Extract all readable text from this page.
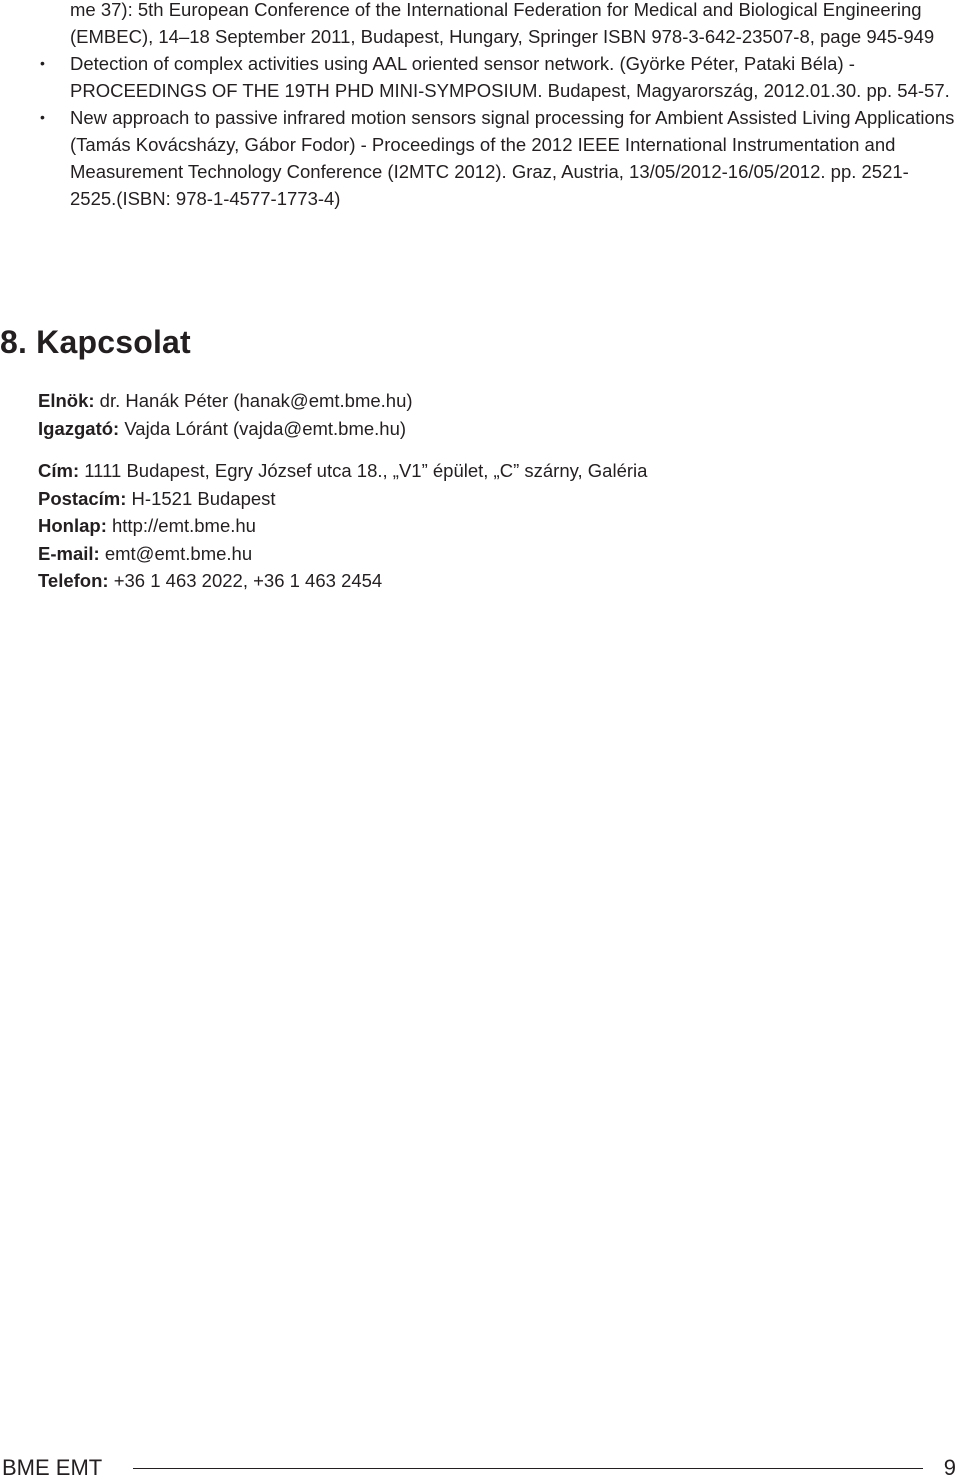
me 37): 5th European Conference of the International Federation for Medical and Biological Engineering (EMBEC), 14–18 September 2011, Budapest, Hungary, Springer ISBN 978-3-642-23507-8, page 945-949
•	Detection of complex activities using AAL oriented sensor network. (Györke Péter, Pataki Béla) - PROCEEDINGS OF THE 19TH PHD MINI-SYMPOSIUM. Budapest, Magyarország, 2012.01.30. pp. 54-57.
•	New approach to passive infrared motion sensors signal processing for Ambient Assisted Living Applications (Tamás Kovácsházy, Gábor Fodor) - Proceedings of the 2012 IEEE International Instrumentation and Measurement Technology Conference (I2MTC 2012). Graz, Austria, 13/05/2012-16/05/2012. pp. 2521-2525.(ISBN: 978-1-4577-1773-4)
8. Kapcsolat
Elnök: dr. Hanák Péter (hanak@emt.bme.hu)
Igazgató: Vajda Lóránt (vajda@emt.bme.hu)
Cím: 1111 Budapest, Egry József utca 18., „V1” épület, „C” szárny, Galéria
Postacím: H-1521 Budapest
Honlap: http://emt.bme.hu
E-mail: emt@emt.bme.hu
Telefon: +36 1 463 2022, +36 1 463 2454
BME EMT	9
